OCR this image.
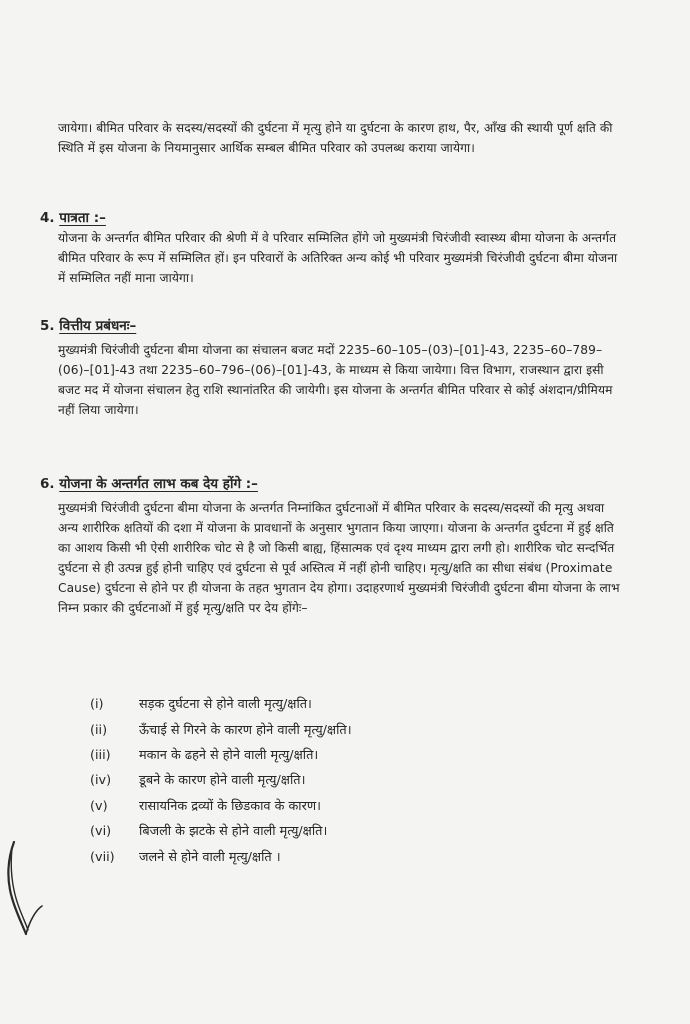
जायेगा। बीमित परिवार के सदस्य/सदस्यों की दुर्घटना में मृत्यु होने या दुर्घटना के कारण हाथ, पैर, आँख की स्थायी पूर्ण क्षति की स्थिति में इस योजना के नियमानुसार आर्थिक सम्बल बीमित परिवार को उपलब्ध कराया जायेगा।

4. पात्रता :–

योजना के अन्तर्गत बीमित परिवार की श्रेणी में वे परिवार सम्मिलित होंगे जो मुख्यमंत्री चिरंजीवी स्वास्थ्य बीमा योजना के अन्तर्गत बीमित परिवार के रूप में सम्मिलित हों। इन परिवारों के अतिरिक्त अन्य कोई भी परिवार मुख्यमंत्री चिरंजीवी दुर्घटना बीमा योजना में सम्मिलित नहीं माना जायेगा।

5. वित्तीय प्रबंधनः–

मुख्यमंत्री चिरंजीवी दुर्घटना बीमा योजना का संचालन बजट मदों 2235–60–105–(03)–[01]-43, 2235–60–789–(06)–[01]-43 तथा 2235–60–796–(06)–[01]-43, के माध्यम से किया जायेगा। वित्त विभाग, राजस्थान द्वारा इसी बजट मद में योजना संचालन हेतु राशि स्थानांतरित की जायेगी। इस योजना के अन्तर्गत बीमित परिवार से कोई अंशदान/प्रीमियम नहीं लिया जायेगा।

6. योजना के अन्तर्गत लाभ कब देय होंगे :–

मुख्यमंत्री चिरंजीवी दुर्घटना बीमा योजना के अन्तर्गत निम्नांकित दुर्घटनाओं में बीमित परिवार के सदस्य/सदस्यों की मृत्यु अथवा अन्य शारीरिक क्षतियों की दशा में योजना के प्रावधानों के अनुसार भुगतान किया जाएगा। योजना के अन्तर्गत दुर्घटना में हुई क्षति का आशय किसी भी ऐसी शारीरिक चोट से है जो किसी बाह्य, हिंसात्मक एवं दृश्य माध्यम द्वारा लगी हो। शारीरिक चोट सन्दर्भित दुर्घटना से ही उत्पन्न हुई होनी चाहिए एवं दुर्घटना से पूर्व अस्तित्व में नहीं होनी चाहिए। मृत्यु/क्षति का सीधा संबंध (Proximate Cause) दुर्घटना से होने पर ही योजना के तहत भुगतान देय होगा। उदाहरणार्थ मुख्यमंत्री चिरंजीवी दुर्घटना बीमा योजना के लाभ निम्न प्रकार की दुर्घटनाओं में हुई मृत्यु/क्षति पर देय होंगेः–

(i)	सड़क दुर्घटना से होने वाली मृत्यु/क्षति।
(ii)	ऊँचाई से गिरने के कारण होने वाली मृत्यु/क्षति।
(iii)	मकान के ढहने से होने वाली मृत्यु/क्षति।
(iv)	डूबने के कारण होने वाली मृत्यु/क्षति।
(v)	रासायनिक द्रव्यों के छिडकाव के कारण।
(vi)	बिजली के झटके से होने वाली मृत्यु/क्षति।
(vii)	जलने से होने वाली मृत्यु/क्षति ।
